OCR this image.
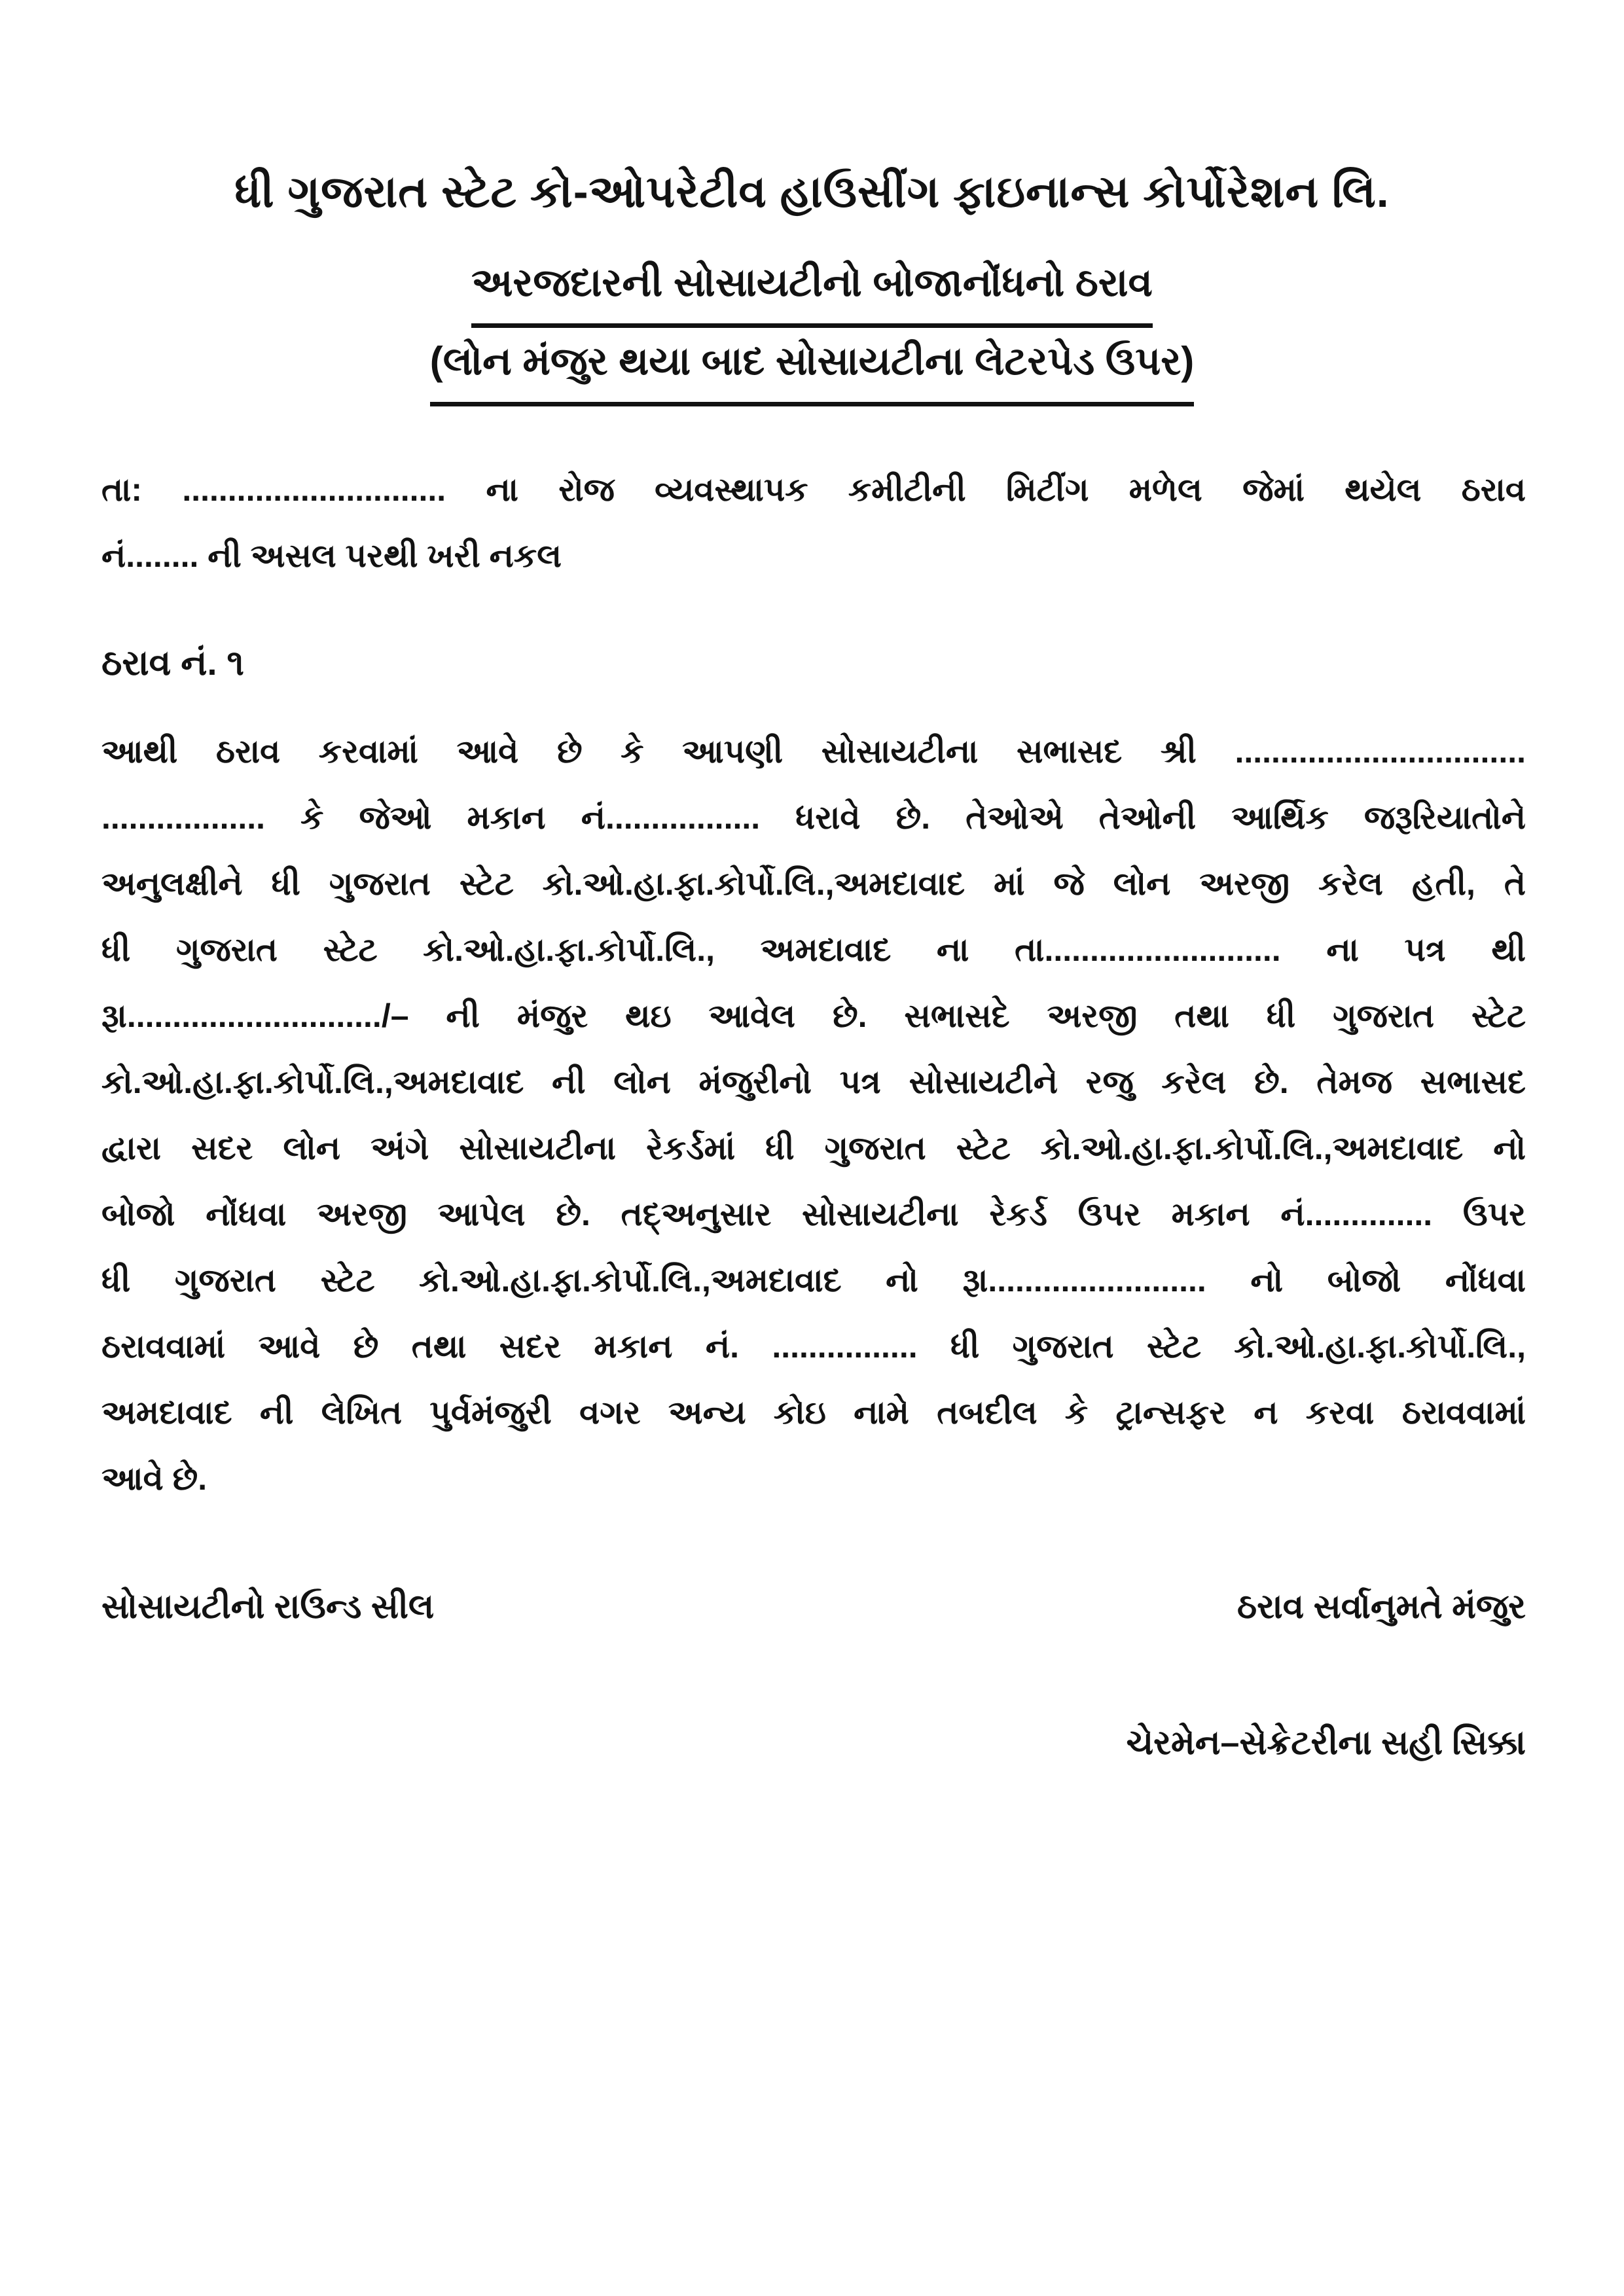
ધી ગુજરાત સ્ટેટ કો-ઓપરેટીવ હાઉસીંગ ફાઇનાન્સ કોર્પોરેશન લિ.
અરજદારની સોસાયટીનો બોજાનોંધનો ઠરાવ
(લોન મંજુર થયા બાદ સોસાયટીના લેટરપેડ ઉપર)
તા: ............................. ના રોજ વ્યવસ્થાપક કમીટીની મિટીંગ મળેલ જેમાં થયેલ ઠરાવ
નં........ ની અસલ પરથી ખરી નકલ
ઠરાવ નં. ૧
આથી ઠરાવ કરવામાં આવે છે કે આપણી સોસાયટીના સભાસદ શ્રી ................................
.................. કે જેઓ મકાન નં................. ધરાવે છે. તેઓએ તેઓની આર્થિક જરૂરિયાતોને
અનુલક્ષીને ધી ગુજરાત સ્ટેટ કો.ઓ.હા.ફા.કોર્પો.લિ.,અમદાવાદ માં જે લોન અરજી કરેલ હતી, તે
ધી ગુજરાત સ્ટેટ કો.ઓ.હા.ફા.કોર્પો.લિ., અમદાવાદ ના તા.......................... ના પત્ર થી
રૂા............................/– ની મંજુર થઇ આવેલ છે. સભાસદે અરજી તથા ધી ગુજરાત સ્ટેટ
કો.ઓ.હા.ફા.કોર્પો.લિ.,અમદાવાદ ની લોન મંજુરીનો પત્ર સોસાયટીને રજુ કરેલ છે. તેમજ સભાસદ
દ્વારા સદર લોન અંગે સોસાયટીના રેકર્ડમાં ધી ગુજરાત સ્ટેટ કો.ઓ.હા.ફા.કોર્પો.લિ.,અમદાવાદ નો
બોજો નોંધવા અરજી આપેલ છે. તદ્અનુસાર સોસાયટીના રેકર્ડ ઉપર મકાન નં.............. ઉપર
ધી ગુજરાત સ્ટેટ કો.ઓ.હા.ફા.કોર્પો.લિ.,અમદાવાદ નો રૂા........................ નો બોજો નોંધવા
ઠરાવવામાં આવે છે તથા સદર મકાન નં. ................ ધી ગુજરાત સ્ટેટ કો.ઓ.હા.ફા.કોર્પો.લિ.,
અમદાવાદ ની લેખિત પુર્વમંજુરી વગર અન્ય કોઇ નામે તબદીલ કે ટ્રાન્સફર ન કરવા ઠરાવવામાં
આવે છે.
સોસાયટીનો રાઉન્ડ સીલ	ઠરાવ સર્વાનુમતે મંજુર
ચેરમેન–સેક્રેટરીના સહી સિક્કા
